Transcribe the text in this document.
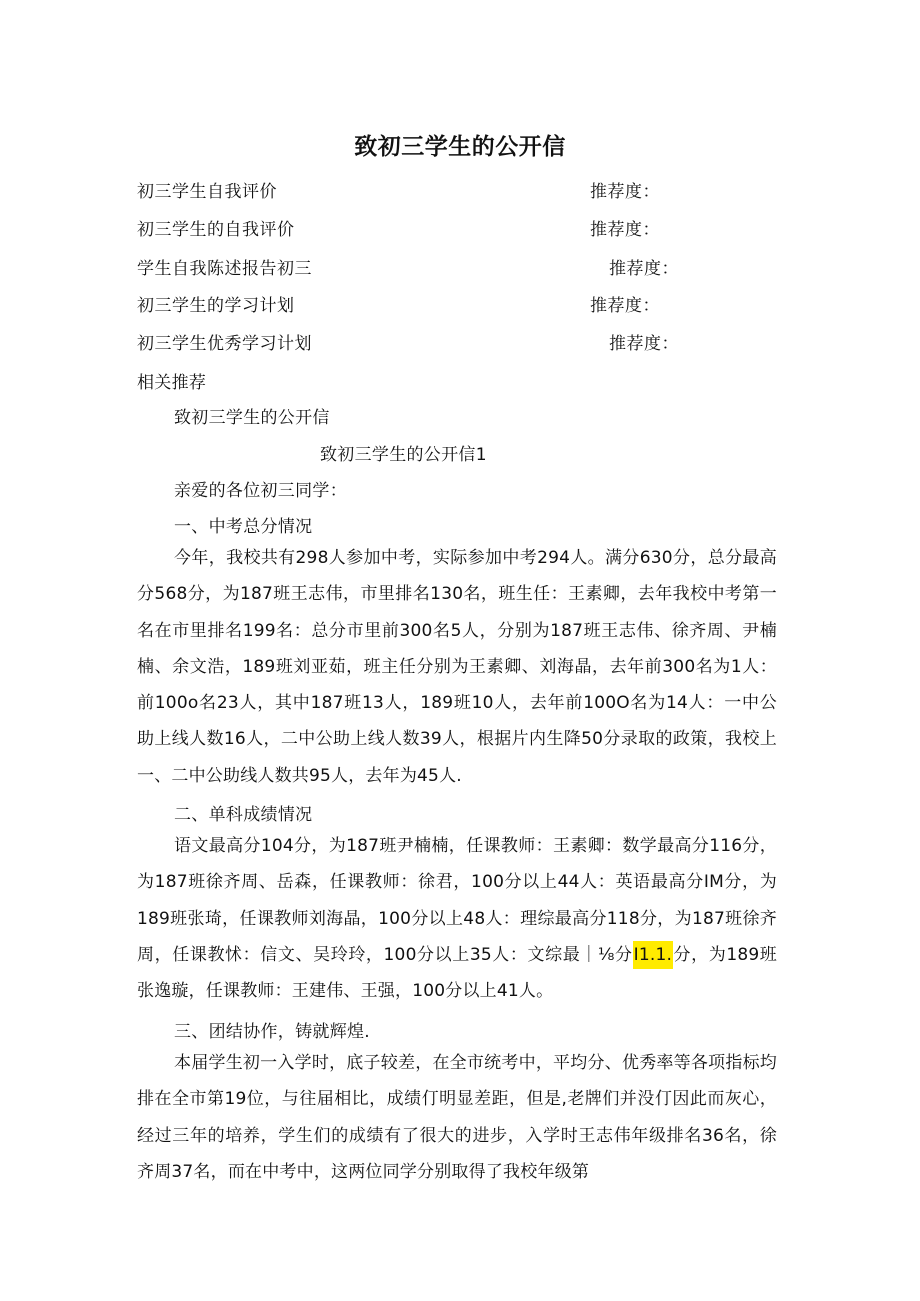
致初三学生的公开信
初三学生自我评价	推荐度：
初三学生的自我评价	推荐度：
学生自我陈述报告初三	推荐度：
初三学生的学习计划	推荐度：
初三学生优秀学习计划	推荐度：
相关推荐
致初三学生的公开信
致初三学生的公开信1
亲爱的各位初三同学：
一、中考总分情况
今年，我校共有298人参加中考，实际参加中考294人。满分630分，总分最高分568分，为187班王志伟，市里排名130名，班生任：王素卿，去年我校中考第一名在市里排名199名：总分市里前300名5人，分别为187班王志伟、徐齐周、尹楠楠、余文浩，189班刘亚茹，班主任分别为王素卿、刘海晶，去年前300名为1人：前100o名23人，其中187班13人，189班10人，去年前100O名为14人：一中公助上线人数16人，二中公助上线人数39人，根据片内生降50分录取的政策，我校上一、二中公助线人数共95人，去年为45人.
二、单科成绩情况
语文最高分104分，为187班尹楠楠，任课教师：王素卿：数学最高分116分，为187班徐齐周、岳森，任课教师：徐君，100分以上44人：英语最高分IM分，为189班张琦，任课教师刘海晶，100分以上48人：理综最高分118分，为187班徐齐周，任课教怵：信文、吴玲玲，100分以上35人：文综最｜⅛分I1.1.分，为189班张逸璇，任课教师：王建伟、王强，100分以上41人。
三、团结协作，铸就辉煌.
本届学生初一入学时，底子较差，在全市统考中，平均分、优秀率等各项指标均排在全市第19位，与往届相比，成绩仃明显差距，但是,老牌们并没仃因此而灰心，经过三年的培养，学生们的成绩有了很大的进步，入学时王志伟年级排名36名，徐齐周37名，而在中考中，这两位同学分别取得了我校年级第
